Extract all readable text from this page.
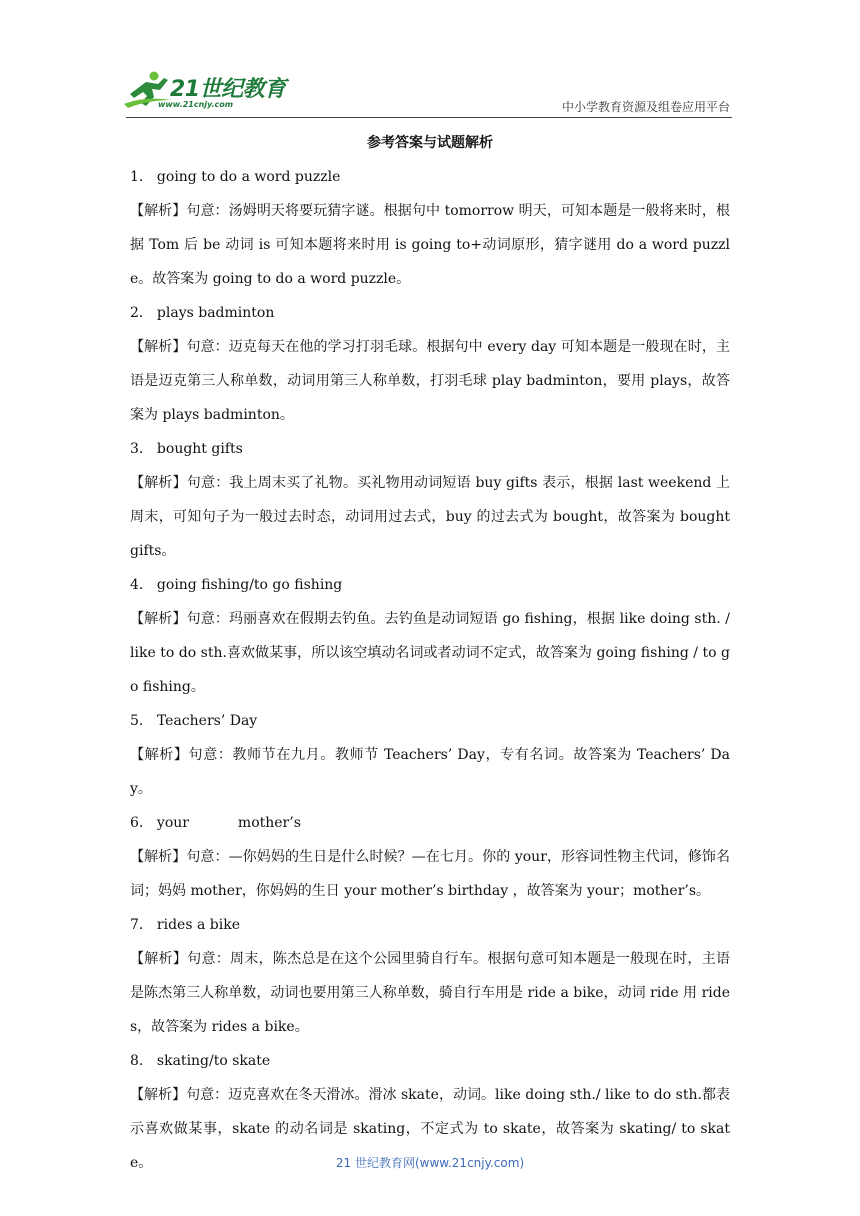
21世纪教育
www.21cnjy.com	中小学教育资源及组卷应用平台
参考答案与试题解析
1． going to do a word puzzle
【解析】句意：汤姆明天将要玩猜字谜。根据句中 tomorrow 明天，可知本题是一般将来时，根据 Tom 后 be 动词 is 可知本题将来时用 is going to+动词原形，猜字谜用 do a word puzzle。故答案为 going to do a word puzzle。
2． plays badminton
【解析】句意：迈克每天在他的学习打羽毛球。根据句中 every day 可知本题是一般现在时，主语是迈克第三人称单数，动词用第三人称单数，打羽毛球 play badminton，要用 plays，故答案为 plays badminton。
3． bought gifts
【解析】句意：我上周末买了礼物。买礼物用动词短语 buy gifts 表示，根据 last weekend 上周末，可知句子为一般过去时态，动词用过去式，buy 的过去式为 bought，故答案为 bought gifts。
4． going fishing/to go fishing
【解析】句意：玛丽喜欢在假期去钓鱼。去钓鱼是动词短语 go fishing，根据 like doing sth. / like to do sth.喜欢做某事，所以该空填动名词或者动词不定式，故答案为 going fishing / to go fishing。
5． Teachers’ Day
【解析】句意：教师节在九月。教师节 Teachers’ Day，专有名词。故答案为 Teachers’ Day。
6． your           mother’s
【解析】句意：—你妈妈的生日是什么时候？—在七月。你的 your，形容词性物主代词，修饰名词；妈妈 mother，你妈妈的生日 your mother’s birthday ，故答案为 your；mother’s。
7． rides a bike
【解析】句意：周末，陈杰总是在这个公园里骑自行车。根据句意可知本题是一般现在时，主语是陈杰第三人称单数，动词也要用第三人称单数，骑自行车用是 ride a bike，动词 ride 用 rides，故答案为 rides a bike。
8． skating/to skate
【解析】句意：迈克喜欢在冬天滑冰。滑冰 skate，动词。like doing sth./ like to do sth.都表示喜欢做某事，skate 的动名词是 skating，不定式为 to skate，故答案为 skating/ to skate。	21 世纪教育网(www.21cnjy.com)
